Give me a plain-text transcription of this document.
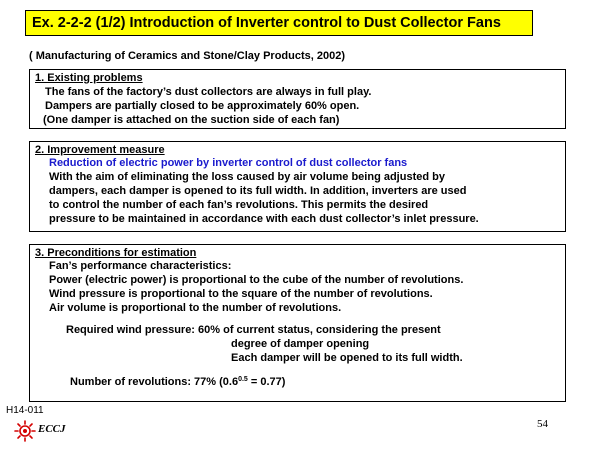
Ex. 2-2-2 (1/2) Introduction of Inverter control to Dust Collector Fans
( Manufacturing of Ceramics and Stone/Clay Products, 2002)
1. Existing problems
The fans of the factory’s dust collectors are always in full play.
Dampers are partially closed to be approximately 60% open.
(One damper is attached on the suction side of each fan)
2. Improvement measure
Reduction of electric power by inverter control of dust collector fans
With the aim of eliminating the loss caused by air volume being adjusted by
dampers, each damper is opened to its full width. In addition, inverters are used
to control the number of each fan’s revolutions. This permits the desired
pressure to be maintained in accordance with each dust collector’s inlet pressure.
3. Preconditions for estimation
Fan’s performance characteristics:
Power (electric power) is proportional to the cube of the number of revolutions.
Wind pressure is proportional to the square of the number of revolutions.
Air volume is proportional to the number of revolutions.
Required wind pressure: 60% of current status, considering the present
degree of damper opening
Each damper will be opened to its full width.
Number of revolutions: 77% $(0.6^{0.5} = 0.77)$
H14-011
ECCJ	54
